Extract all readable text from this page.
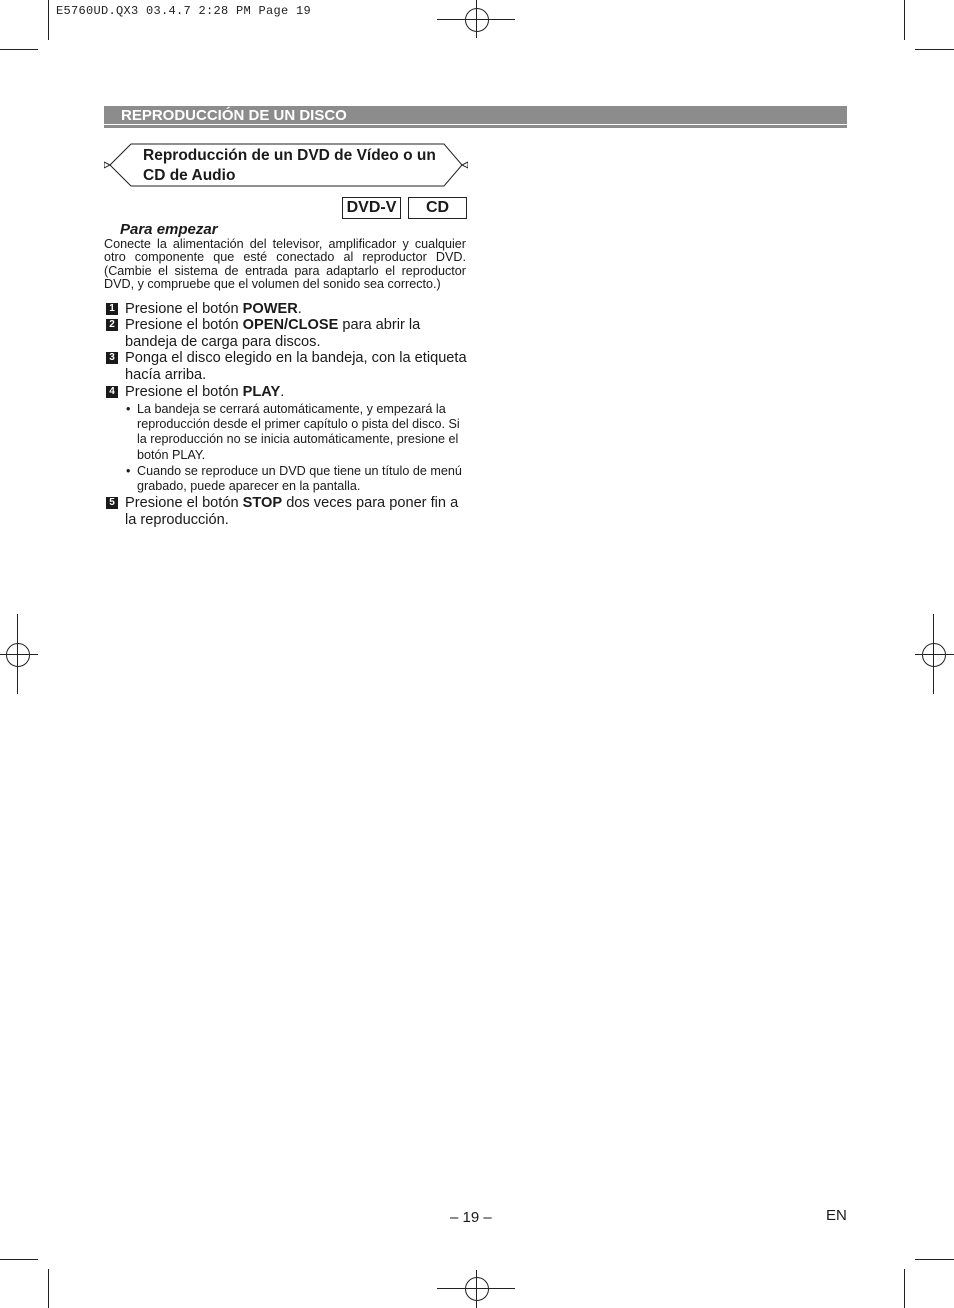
E5760UD.QX3 03.4.7 2:28 PM Page 19
REPRODUCCIÓN DE UN DISCO
Reproducción de un DVD de Vídeo o un CD de Audio
DVD-V	CD
Para empezar
Conecte la alimentación del televisor, amplificador y cualquier otro componente que esté conectado al reproductor DVD. (Cambie el sistema de entrada para adaptarlo el reproductor DVD, y compruebe que el volumen del sonido sea correcto.)
1 Presione el botón POWER.
2 Presione el botón OPEN/CLOSE para abrir la bandeja de carga para discos.
3 Ponga el disco elegido en la bandeja, con la etiqueta hacía arriba.
4 Presione el botón PLAY.
• La bandeja se cerrará automáticamente, y empezará la reproducción desde el primer capítulo o pista del disco. Si la reproducción no se inicia automáticamente, presione el botón PLAY.
• Cuando se reproduce un DVD que tiene un título de menú grabado, puede aparecer en la pantalla.
5 Presione el botón STOP dos veces para poner fin a la reproducción.
– 19 –	EN
